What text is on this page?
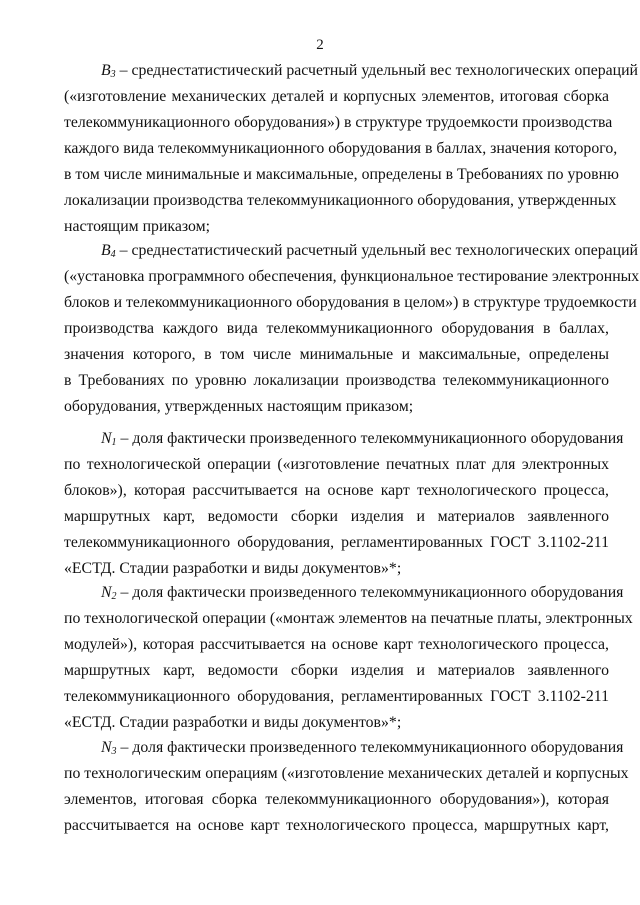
2
$B_3$ – среднестатистический расчетный удельный вес технологических операций
(«изготовление механических деталей и корпусных элементов, итоговая сборка
телекоммуникационного оборудования») в структуре трудоемкости производства
каждого вида телекоммуникационного оборудования в баллах, значения которого,
в том числе минимальные и максимальные, определены в Требованиях по уровню
локализации производства телекоммуникационного оборудования, утвержденных
настоящим приказом;
$B_4$ – среднестатистический расчетный удельный вес технологических операций
(«установка программного обеспечения, функциональное тестирование электронных
блоков и телекоммуникационного оборудования в целом») в структуре трудоемкости
производства каждого вида телекоммуникационного оборудования в баллах,
значения которого, в том числе минимальные и максимальные, определены
в Требованиях по уровню локализации производства телекоммуникационного
оборудования, утвержденных настоящим приказом;
$N_1$ – доля фактически произведенного телекоммуникационного оборудования
по технологической операции («изготовление печатных плат для электронных
блоков»), которая рассчитывается на основе карт технологического процесса,
маршрутных карт, ведомости сборки изделия и материалов заявленного
телекоммуникационного оборудования, регламентированных ГОСТ 3.1102-211
«ЕСТД. Стадии разработки и виды документов»*;
$N_2$ – доля фактически произведенного телекоммуникационного оборудования
по технологической операции («монтаж элементов на печатные платы, электронных
модулей»), которая рассчитывается на основе карт технологического процесса,
маршрутных карт, ведомости сборки изделия и материалов заявленного
телекоммуникационного оборудования, регламентированных ГОСТ 3.1102-211
«ЕСТД. Стадии разработки и виды документов»*;
$N_3$ – доля фактически произведенного телекоммуникационного оборудования
по технологическим операциям («изготовление механических деталей и корпусных
элементов, итоговая сборка телекоммуникационного оборудования»), которая
рассчитывается на основе карт технологического процесса, маршрутных карт,
